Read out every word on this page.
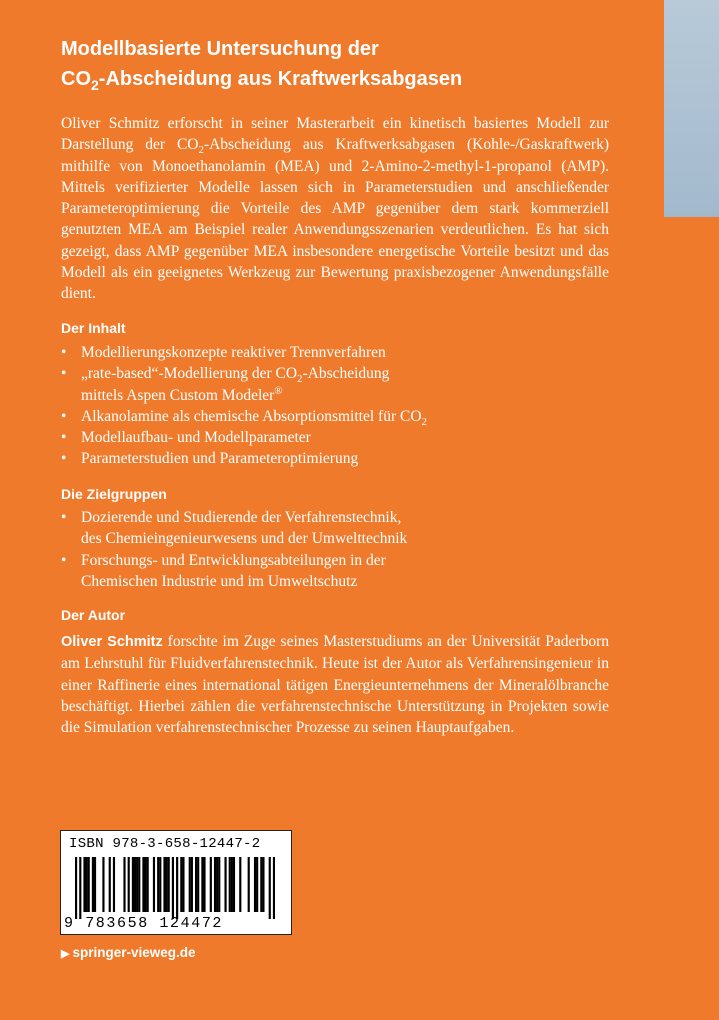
Modellbasierte Untersuchung der
$CO_2$-Abscheidung aus Kraftwerksabgasen

Oliver Schmitz erforscht in seiner Masterarbeit ein kinetisch basiertes Modell zur Darstellung der $CO_2$-Abscheidung aus Kraftwerksabgasen (Kohle-/Gaskraftwerk) mithilfe von Monoethanolamin (MEA) und 2-Amino-2-methyl-1-propanol (AMP). Mittels verifizierter Modelle lassen sich in Parameterstudien und anschließender Parameteroptimierung die Vorteile des AMP gegenüber dem stark kommerziell genutzten MEA am Beispiel realer Anwendungsszenarien verdeutlichen. Es hat sich gezeigt, dass AMP gegenüber MEA insbesondere energetische Vorteile besitzt und das Modell als ein geeignetes Werkzeug zur Bewertung praxisbezogener Anwendungsfälle dient.

Der Inhalt
• Modellierungskonzepte reaktiver Trennverfahren
• „rate-based“-Modellierung der $CO_2$-Abscheidung
mittels Aspen Custom Modeler®
• Alkanolamine als chemische Absorptionsmittel für $CO_2$
• Modellaufbau- und Modellparameter
• Parameterstudien und Parameteroptimierung
Die Zielgruppen
• Dozierende und Studierende der Verfahrenstechnik,
des Chemieingenieurwesens und der Umwelttechnik
• Forschungs- und Entwicklungsabteilungen in der
Chemischen Industrie und im Umweltschutz
Der Autor

Oliver Schmitz forschte im Zuge seines Masterstudiums an der Universität Paderborn am Lehrstuhl für Fluidverfahrenstechnik. Heute ist der Autor als Verfahrensingenieur in einer Raffinerie eines international tätigen Energieunternehmens der Mineralölbranche beschäftigt. Hierbei zählen die verfahrenstechnische Unterstützung in Projekten sowie die Simulation verfahrenstechnischer Prozesse zu seinen Hauptaufgaben.

ISBN 978-3-658-12447-2
9 783658 124472
▶ springer-vieweg.de
